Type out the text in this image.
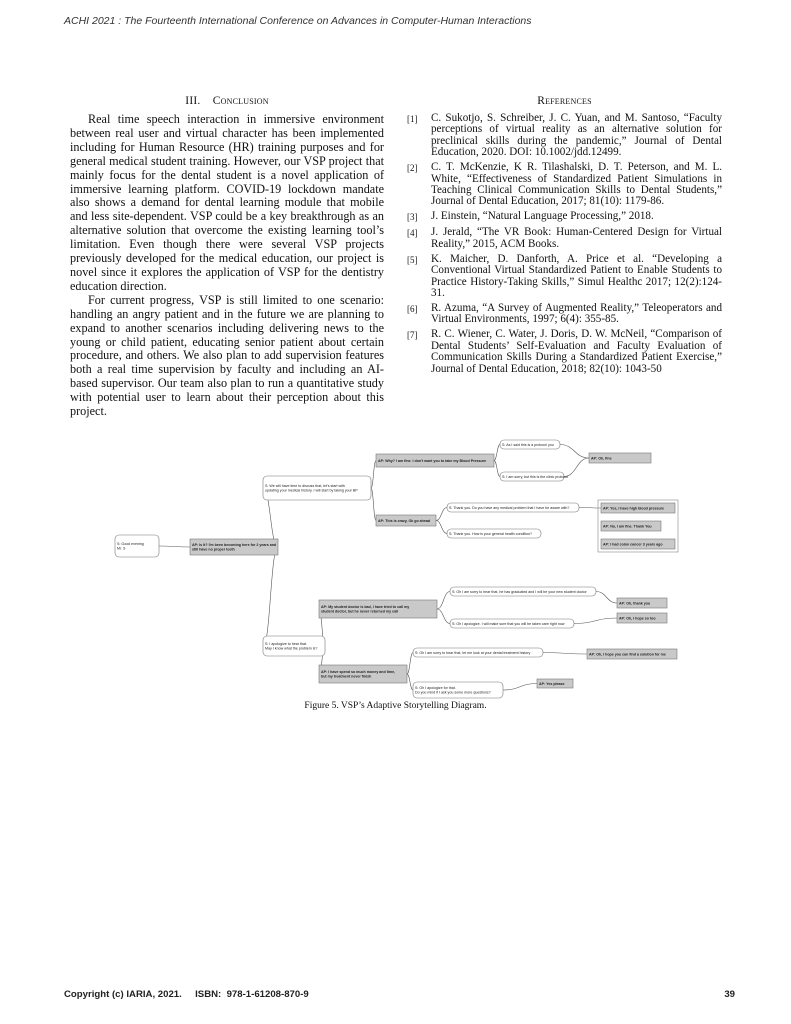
ACHI 2021 : The Fourteenth International Conference on Advances in Computer-Human Interactions
III. Conclusion

Real time speech interaction in immersive environment between real user and virtual character has been implemented including for Human Resource (HR) training purposes and for general medical student training. However, our VSP project that mainly focus for the dental student is a novel application of immersive learning platform. COVID-19 lockdown mandate also shows a demand for dental learning module that mobile and less site-dependent. VSP could be a key breakthrough as an alternative solution that overcome the existing learning tool’s limitation. Even though there were several VSP projects previously developed for the medical education, our project is novel since it explores the application of VSP for the dentistry education direction.

For current progress, VSP is still limited to one scenario: handling an angry patient and in the future we are planning to expand to another scenarios including delivering news to the young or child patient, educating senior patient about certain procedure, and others. We also plan to add supervision features both a real time supervision by faculty and including an AI-based supervisor. Our team also plan to run a quantitative study with potential user to learn about their perception about this project.

References
[1]	C. Sukotjo, S. Schreiber, J. C. Yuan, and M. Santoso, “Faculty perceptions of virtual reality as an alternative solution for preclinical skills during the pandemic,” Journal of Dental Education, 2020. DOI: 10.1002/jdd.12499.
[2]	C. T. McKenzie, K R. Tilashalski, D. T. Peterson, and M. L. White, “Effectiveness of Standardized Patient Simulations in Teaching Clinical Communication Skills to Dental Students,” Journal of Dental Education, 2017; 81(10): 1179-86.
[3]	J. Einstein, “Natural Language Processing,” 2018.
[4]	J. Jerald, “The VR Book: Human-Centered Design for Virtual Reality,” 2015, ACM Books.
[5]	K. Maicher, D. Danforth, A. Price et al. “Developing a Conventional Virtual Standardized Patient to Enable Students to Practice History-Taking Skills,” Simul Healthc 2017; 12(2):124-31.
[6]	R. Azuma, “A Survey of Augmented Reality,” Teleoperators and Virtual Environments, 1997; 6(4): 355-85.
[7]	R. C. Wiener, C. Water, J. Doris, D. W. McNeil, “Comparison of Dental Students’ Self-Evaluation and Faculty Evaluation of Communication Skills During a Standardized Patient Exercise,” Journal of Dental Education, 2018; 82(10): 1043-50
S: Good evening
Mr. S
AP: Is it? I'm been becoming here for 2 years and
still have no proper teeth
S: We will have time to discuss that, let's start with
updating your medical history. I will start by taking your BP
AP: Why? I am fine. I don't want you to take my Blood Pressure
S: As I said this is a protocol you
S: I am sorry, but this is the clinic protocol
AP: Oh, fine
AP: This is crazy, Ok go ahead
S: Thank you. Do you have any medical problem that I have be aware with?
S: Thank you. How is your general health condition?
AP: Yes, I have high blood pressure
AP: No, I am fine. Thank You
AP: I had colon cancer 3 years ago
S: I apologize to hear that.
May I know what the problem is?
AP: My student doctor is bad, I have tried to call my
student doctor, but he never returned my call
S: Oh I am sorry to hear that, he has graduated and I will be your new student doctor
S: Oh I apologize. I will make sure that you will be taken care right now
AP: Oh, thank you
AP: Oh, I hope so too
AP: I have spend so much money and time,
but my treatment never finish
S: Oh I am sorry to hear that, let me look at your dental treatment history
S: Oh I apologize for that.
Do you mind if I ask you some more questions?
AP: Oh, I hope you can find a solution for me
AP: Yes please
Figure 5. VSP’s Adaptive Storytelling Diagram.
Copyright (c) IARIA, 2021.     ISBN:  978-1-61208-870-9	39
